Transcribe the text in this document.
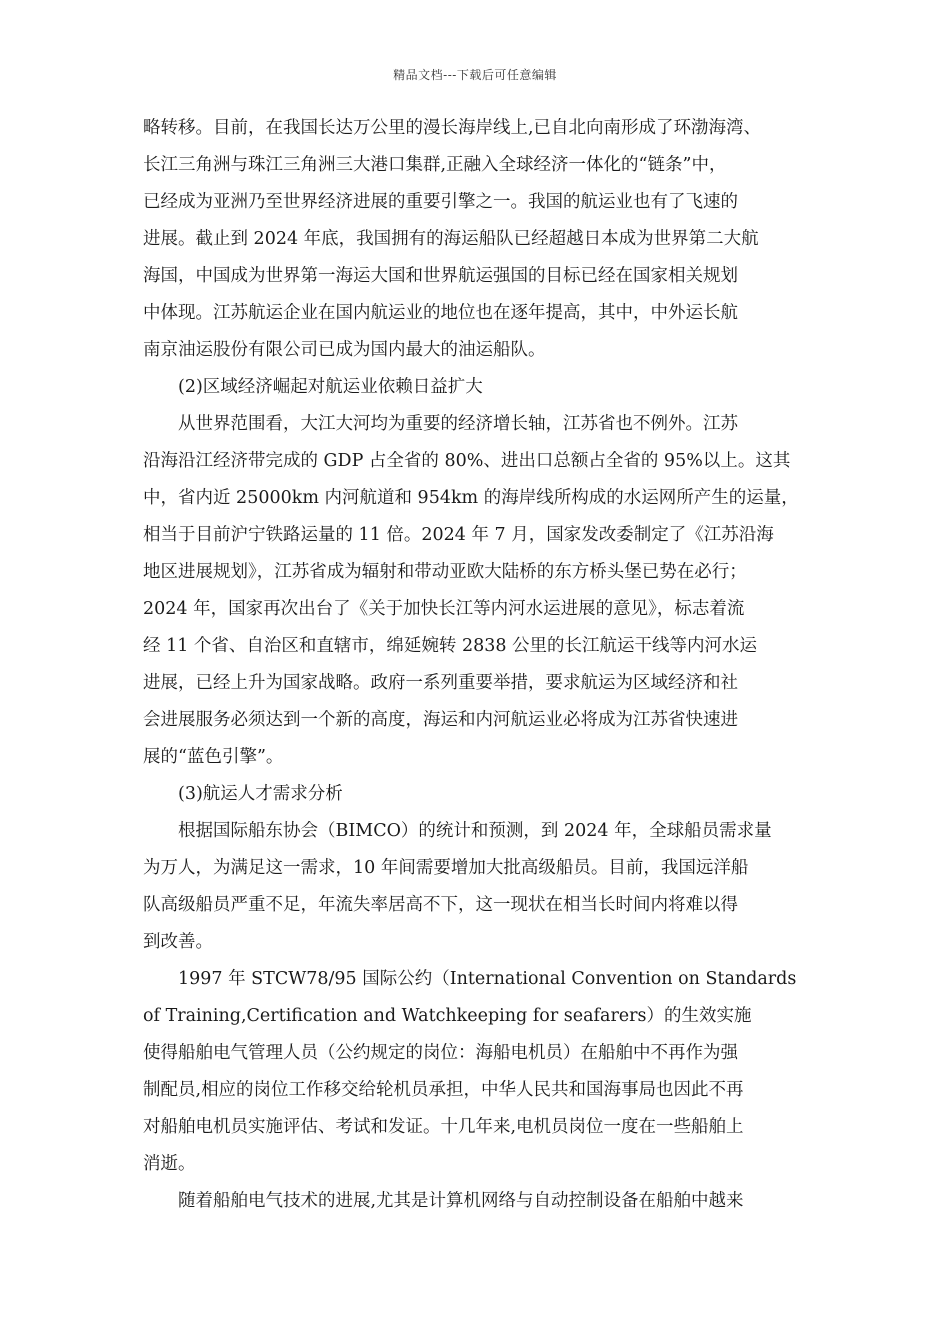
精品文档---下载后可任意编辑

略转移。目前，在我国长达万公里的漫长海岸线上,已自北向南形成了环渤海湾、
长江三角洲与珠江三角洲三大港口集群,正融入全球经济一体化的“链条”中，
已经成为亚洲乃至世界经济进展的重要引擎之一。我国的航运业也有了飞速的
进展。截止到 2024 年底，我国拥有的海运船队已经超越日本成为世界第二大航
海国，中国成为世界第一海运大国和世界航运强国的目标已经在国家相关规划
中体现。江苏航运企业在国内航运业的地位也在逐年提高，其中，中外运长航
南京油运股份有限公司已成为国内最大的油运船队。

(2)区域经济崛起对航运业依赖日益扩大

从世界范围看，大江大河均为重要的经济增长轴，江苏省也不例外。江苏
沿海沿江经济带完成的 GDP 占全省的 80%、进出口总额占全省的 95%以上。这其
中，省内近 25000km 内河航道和 954km 的海岸线所构成的水运网所产生的运量，
相当于目前沪宁铁路运量的 11 倍。2024 年 7 月，国家发改委制定了《江苏沿海
地区进展规划》，江苏省成为辐射和带动亚欧大陆桥的东方桥头堡已势在必行；
2024 年，国家再次出台了《关于加快长江等内河水运进展的意见》，标志着流
经 11 个省、自治区和直辖市，绵延婉转 2838 公里的长江航运干线等内河水运
进展，已经上升为国家战略。政府一系列重要举措，要求航运为区域经济和社
会进展服务必须达到一个新的高度，海运和内河航运业必将成为江苏省快速进
展的“蓝色引擎”。

(3)航运人才需求分析

根据国际船东协会（BIMCO）的统计和预测，到 2024 年，全球船员需求量
为万人，为满足这一需求，10 年间需要增加大批高级船员。目前，我国远洋船
队高级船员严重不足，年流失率居高不下，这一现状在相当长时间内将难以得
到改善。

1997 年 STCW78/95 国际公约（International Convention on Standards
of Training,Certification and Watchkeeping for seafarers）的生效实施
使得船舶电气管理人员（公约规定的岗位：海船电机员）在船舶中不再作为强
制配员,相应的岗位工作移交给轮机员承担，中华人民共和国海事局也因此不再
对船舶电机员实施评估、考试和发证。十几年来,电机员岗位一度在一些船舶上
消逝。

随着船舶电气技术的进展,尤其是计算机网络与自动控制设备在船舶中越来
